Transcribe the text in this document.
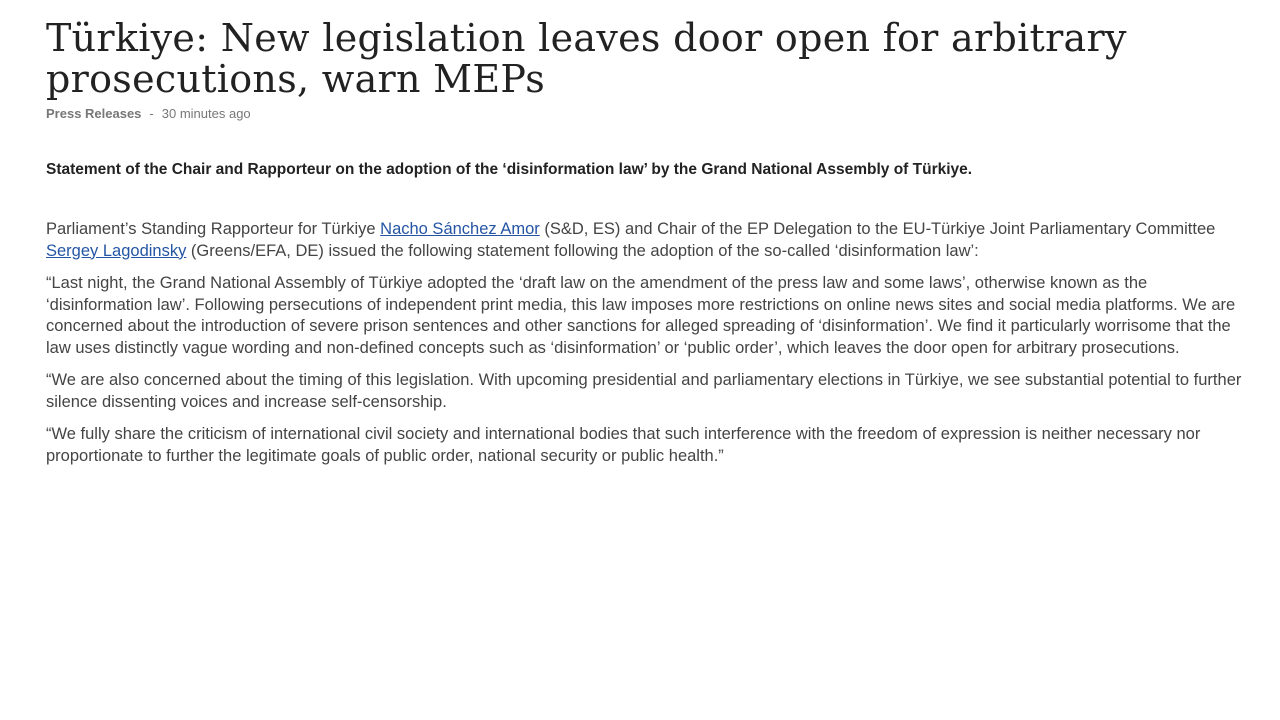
Türkiye: New legislation leaves door open for arbitrary prosecutions, warn MEPs
Press Releases - 30 minutes ago

Statement of the Chair and Rapporteur on the adoption of the ‘disinformation law’ by the Grand National Assembly of Türkiye.

Parliament’s Standing Rapporteur for Türkiye Nacho Sánchez Amor (S&D, ES) and Chair of the EP Delegation to the EU-Türkiye Joint Parliamentary Committee Sergey Lagodinsky (Greens/EFA, DE) issued the following statement following the adoption of the so-called ‘disinformation law’:

“Last night, the Grand National Assembly of Türkiye adopted the ‘draft law on the amendment of the press law and some laws’, otherwise known as the ‘disinformation law’. Following persecutions of independent print media, this law imposes more restrictions on online news sites and social media platforms. We are concerned about the introduction of severe prison sentences and other sanctions for alleged spreading of ‘disinformation’. We find it particularly worrisome that the law uses distinctly vague wording and non-defined concepts such as ‘disinformation’ or ‘public order’, which leaves the door open for arbitrary prosecutions.

“We are also concerned about the timing of this legislation. With upcoming presidential and parliamentary elections in Türkiye, we see substantial potential to further silence dissenting voices and increase self-censorship.

“We fully share the criticism of international civil society and international bodies that such interference with the freedom of expression is neither necessary nor proportionate to further the legitimate goals of public order, national security or public health.”
